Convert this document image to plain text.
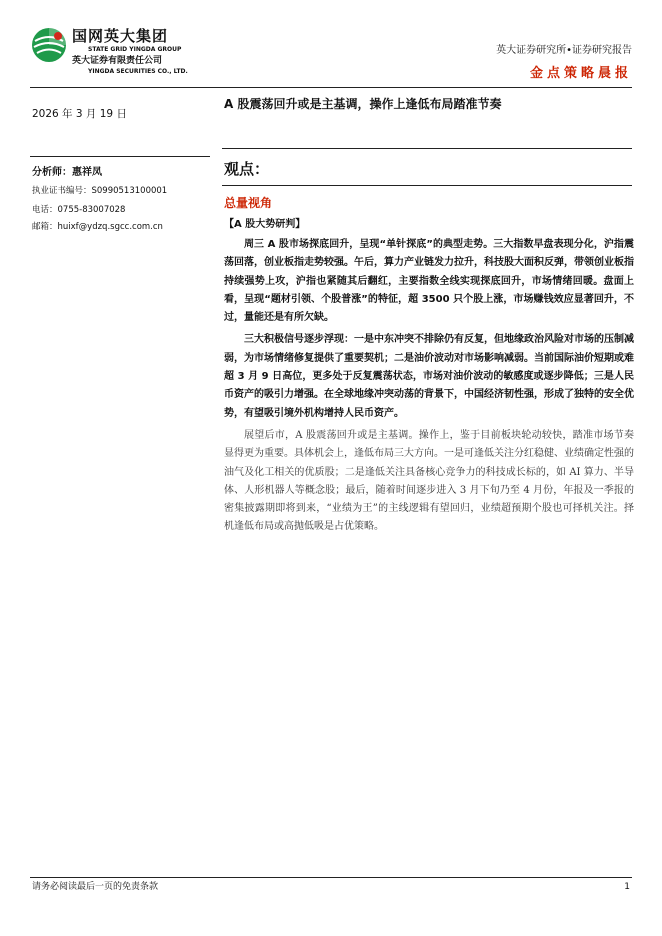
国网英大集团
STATE GRID YINGDA GROUP
英大证券有限责任公司
YINGDA SECURITIES CO., LTD.
英大证券研究所•证券研究报告
金点策略晨报
2026 年 3 月 19 日
分析师：惠祥凤
执业证书编号：S0990513100001
电话：0755-83007028
邮箱：huixf@ydzq.sgcc.com.cn
A 股震荡回升或是主基调，操作上逢低布局踏准节奏
观点：
总量视角
【A 股大势研判】

周三 A 股市场探底回升，呈现“单针探底”的典型走势。三大指数早盘表现分化，沪指震荡回落，创业板指走势较强。午后，算力产业链发力拉升，科技股大面积反弹，带领创业板指持续强势上攻，沪指也紧随其后翻红，主要指数全线实现探底回升，市场情绪回暖。盘面上看，呈现“题材引领、个股普涨”的特征，超 3500 只个股上涨，市场赚钱效应显著回升，不过，量能还是有所欠缺。

三大积极信号逐步浮现：一是中东冲突不排除仍有反复，但地缘政治风险对市场的压制减弱，为市场情绪修复提供了重要契机；二是油价波动对市场影响减弱。当前国际油价短期或难超 3 月 9 日高位，更多处于反复震荡状态，市场对油价波动的敏感度或逐步降低；三是人民币资产的吸引力增强。在全球地缘冲突动荡的背景下，中国经济韧性强，形成了独特的安全优势，有望吸引境外机构增持人民币资产。

展望后市，A 股震荡回升或是主基调。操作上，鉴于目前板块轮动较快，踏准市场节奏显得更为重要。具体机会上，逢低布局三大方向。一是可逢低关注分红稳健、业绩确定性强的油气及化工相关的优质股；二是逢低关注具备核心竞争力的科技成长标的，如 AI 算力、半导体、人形机器人等概念股；最后，随着时间逐步进入 3 月下旬乃至 4 月份，年报及一季报的密集披露期即将到来，“业绩为王”的主线逻辑有望回归，业绩超预期个股也可择机关注。择机逢低布局或高抛低吸是占优策略。

请务必阅读最后一页的免责条款	1
